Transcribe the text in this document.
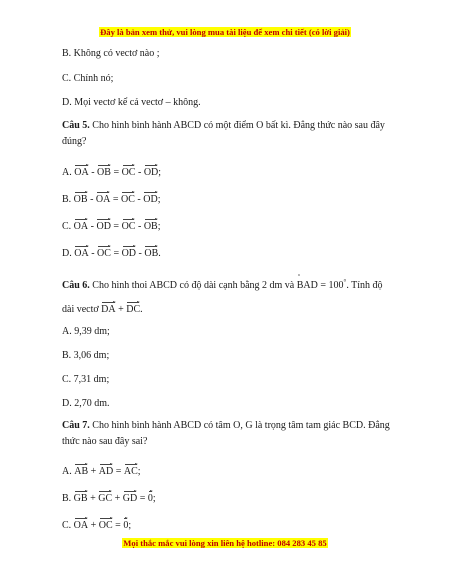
Đây là bản xem thử, vui lòng mua tài liệu để xem chi tiết (có lời giải)
B. Không có vectơ nào ;
C. Chính nó;
D. Mọi vectơ kể cả vectơ – không.
Câu 5. Cho hình bình hành ABCD có một điểm O bất kì. Đẳng thức nào sau đây đúng?
A. OA - OB = OC - OD;
B. OB - OA = OC - OD;
C. OA - OD = OC - OB;
D. OA - OC = OD - OB.
Câu 6. Cho hình thoi ABCD có độ dài cạnh bằng 2 dm và ° BAD = 100°. Tính độ
dài vectơ DA + DC.
A. 9,39 dm;
B. 3,06 dm;
C. 7,31 dm;
D. 2,70 dm.
Câu 7. Cho hình bình hành ABCD có tâm O, G là trọng tâm tam giác BCD. Đẳng thức nào sau đây sai?
A. AB + AD = AC;
B. GB + GC + GD = 0;
C. OA + OC = 0;
Mọi thắc mắc vui lòng xin liên hệ hotline: 084 283 45 85
